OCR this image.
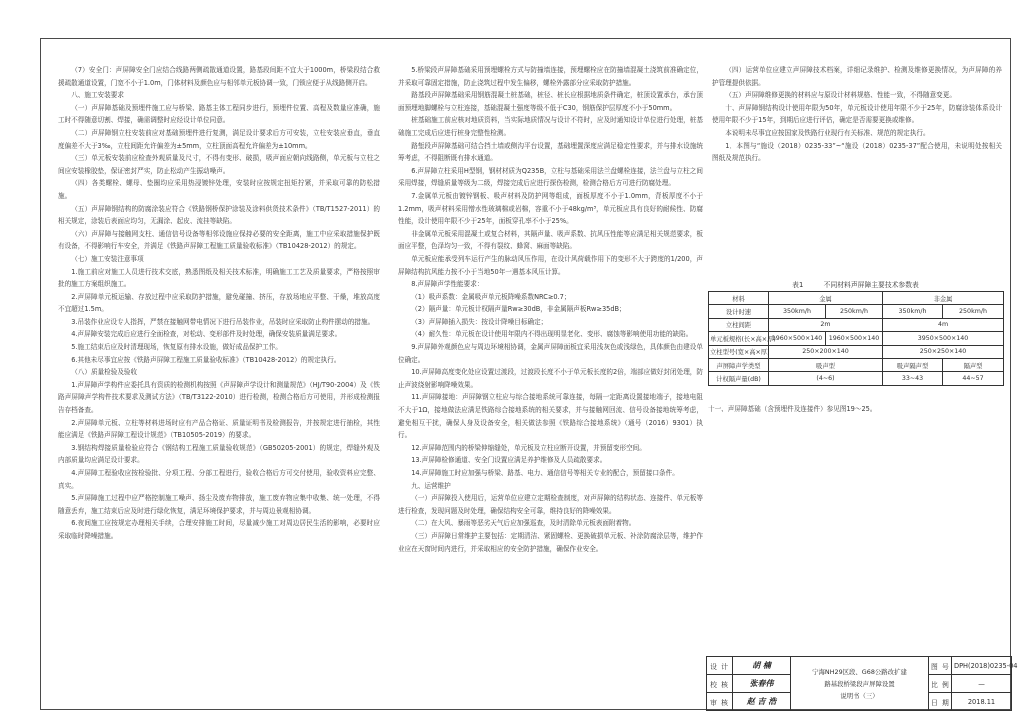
（7）安全门：声屏障安全门应结合线路两侧疏散通道设置，路基段间距不宜大于1000m，桥梁段结合救援疏散通道设置，门宽不小于1.0m，门体材料及颜色应与相邻单元板协调一致，门锁应便于从线路侧开启。

八、施工安装要求

（一）声屏障基础及预埋件施工应与桥梁、路基主体工程同步进行，预埋件位置、高程及数量应准确，施工时不得随意切割、焊接，确需调整时应经设计单位同意。

（二）声屏障钢立柱安装前应对基础预埋件进行复测，满足设计要求后方可安装，立柱安装应垂直，垂直度偏差不大于3‰，立柱间距允许偏差为±5mm，立柱顶面高程允许偏差为±10mm。

（三）单元板安装前应检查外观质量及尺寸，不得有变形、破损，吸声面应朝向线路侧，单元板与立柱之间应安装橡胶垫，保证密封严实，防止松动产生振动噪声。

（四）各类螺栓、螺母、垫圈均应采用热浸镀锌处理，安装时应按规定扭矩拧紧，并采取可靠的防松措施。

（五）声屏障钢结构的防腐涂装应符合《铁路钢桥保护涂装及涂料供货技术条件》（TB/T1527-2011）的相关规定，涂装后表面应均匀，无漏涂、起皮、流挂等缺陷。

（六）声屏障与接触网支柱、通信信号设备等相邻设施应保持必要的安全距离，施工中应采取措施保护既有设备，不得影响行车安全，并满足《铁路声屏障工程施工质量验收标准》（TB10428-2012）的规定。

（七）施工安装注意事项

1.施工前应对施工人员进行技术交底，熟悉图纸及相关技术标准，明确施工工艺及质量要求，严格按照审批的施工方案组织施工。

2.声屏障单元板运输、存放过程中应采取防护措施，避免碰撞、挤压，存放场地应平整、干燥，堆放高度不宜超过1.5m。

3.吊装作业应设专人指挥，严禁在接触网带电情况下进行吊装作业，吊装时应采取防止构件摆动的措施。

4.声屏障安装完成后应进行全面检查，对松动、变形部件及时处理，确保安装质量满足要求。

5.施工结束后应及时清理现场，恢复原有排水设施，做好成品保护工作。

6.其他未尽事宜应按《铁路声屏障工程施工质量验收标准》（TB10428-2012）的规定执行。

（八）质量检验及验收

1.声屏障声学构件应委托具有资质的检测机构按照《声屏障声学设计和测量规范》（HJ/T90-2004）及《铁路声屏障声学构件技术要求及测试方法》（TB/T3122-2010）进行检测，检测合格后方可使用，并形成检测报告存档备查。

2.声屏障单元板、立柱等材料进场时应有产品合格证、质量证明书及检测报告，并按规定进行抽检，其性能应满足《铁路声屏障工程设计规范》（TB10505-2019）的要求。

3.钢结构焊接质量检验应符合《钢结构工程施工质量验收规范》（GB50205-2001）的规定，焊缝外观及内部质量均应满足设计要求。

4.声屏障工程验收应按检验批、分项工程、分部工程进行，验收合格后方可交付使用，验收资料应完整、真实。

5.声屏障施工过程中应严格控制施工噪声、扬尘及废弃物排放，施工废弃物应集中收集、统一处理，不得随意丢弃，施工结束后应及时进行绿化恢复，满足环境保护要求，并与周边景观相协调。

6.夜间施工应按规定办理相关手续，合理安排施工时间，尽量减少施工对周边居民生活的影响，必要时应采取临时降噪措施。

5.桥梁段声屏障基础采用预埋螺栓方式与防撞墙连接，预埋螺栓应在防撞墙混凝土浇筑前准确定位，并采取可靠固定措施，防止浇筑过程中发生偏移，螺栓外露部分应采取防护措施。

路基段声屏障基础采用钢筋混凝土桩基础，桩径、桩长应根据地质条件确定，桩顶设置承台，承台顶面预埋地脚螺栓与立柱连接，基础混凝土强度等级不低于C30，钢筋保护层厚度不小于50mm。

桩基础施工前应核对地质资料，当实际地质情况与设计不符时，应及时通知设计单位进行处理，桩基础施工完成后应进行桩身完整性检测。

路堑段声屏障基础可结合挡土墙或侧沟平台设置，基础埋置深度应满足稳定性要求，并与排水设施统筹考虑，不得阻断既有排水通道。

6.声屏障立柱采用H型钢，钢材材质为Q235B，立柱与基础采用法兰盘螺栓连接，法兰盘与立柱之间采用焊接，焊缝质量等级为二级，焊接完成后应进行探伤检测，检测合格后方可进行防腐处理。

7.金属单元板由镀锌钢板、吸声材料及防护网等组成，面板厚度不小于1.0mm，背板厚度不小于1.2mm，吸声材料采用憎水性玻璃棉或岩棉，容重不小于48kg/m³，单元板应具有良好的耐候性、防腐性能，设计使用年限不少于25年，面板穿孔率不小于25%。

非金属单元板采用混凝土或复合材料，其隔声量、吸声系数、抗风压性能等应满足相关规范要求，板面应平整，色泽均匀一致，不得有裂纹、蜂窝、麻面等缺陷。

单元板应能承受列车运行产生的脉动风压作用，在设计风荷载作用下的变形不大于跨度的1/200，声屏障结构抗风能力按不小于当地50年一遇基本风压计算。

8.声屏障声学性能要求：

（1）吸声系数：金属吸声单元板降噪系数NRC≥0.7；

（2）隔声量：单元板计权隔声量Rw≥30dB，非金属隔声板Rw≥35dB；

（3）声屏障插入损失：按设计降噪目标确定；

（4）耐久性：单元板在设计使用年限内不得出现明显老化、变形、腐蚀等影响使用功能的缺陷。

9.声屏障外观颜色应与周边环境相协调，金属声屏障面板宜采用浅灰色或浅绿色，具体颜色由建设单位确定。

10.声屏障高度变化处应设置过渡段，过渡段长度不小于单元板长度的2倍，端部应做好封闭处理，防止声波绕射影响降噪效果。

11.声屏障接地：声屏障钢立柱应与综合接地系统可靠连接，每隔一定距离设置接地端子，接地电阻不大于1Ω，接地做法应满足铁路综合接地系统的相关要求，并与接触网回流、信号设备接地统筹考虑，避免相互干扰，确保人身及设备安全，相关做法参照《铁路综合接地系统》（通号（2016）9301）执行。

12.声屏障范围内的桥梁伸缩缝处，单元板及立柱应断开设置，并预留变形空间。

13.声屏障检修通道、安全门设置应满足养护维修及人员疏散要求。

14.声屏障施工时应加强与桥梁、路基、电力、通信信号等相关专业的配合，预留接口条件。

九、运营维护

（一）声屏障投入使用后，运营单位应建立定期检查制度，对声屏障的结构状态、连接件、单元板等进行检查，发现问题及时处理，确保结构安全可靠，维持良好的降噪效果。

（二）在大风、暴雨等恶劣天气后应加强巡查，及时清除单元板表面附着物。

（三）声屏障日常维护主要包括：定期清洁、紧固螺栓、更换破损单元板、补涂防腐涂层等，维护作业应在天窗时间内进行，并采取相应的安全防护措施，确保作业安全。

（四）运营单位应建立声屏障技术档案，详细记录维护、检测及维修更换情况，为声屏障的养护管理提供依据。

（五）声屏障维修更换的材料应与原设计材料规格、性能一致，不得随意变更。

十、声屏障钢结构设计使用年限为50年，单元板设计使用年限不少于25年，防腐涂装体系设计使用年限不少于15年，到期后应进行评估，确定是否需要更换或维修。

本说明未尽事宜应按国家及铁路行业现行有关标准、规范的规定执行。

1．本图与“施设（2018）0235-33”~“施设（2018）0235-37”配合使用，未说明处按相关图纸及规范执行。

表1　　　不同材料声屏障主要技术参数表
材料	金属		非金属	
设计时速	350km/h	250km/h	350km/h	250km/h
立柱间距	2m		4m	
单元板规格(长×高×厚)	1960×500×140	1960×500×140	3950×500×140	
立柱型号(宽×高×厚)	250×200×140		250×250×140	
声屏障声学类型	吸声型		吸声隔声型	隔声型
计权隔声量(dB)	(4~6)		33~43	44~57
十一、声屏障基础（含预埋件及连接件）参见图19～25。
设 计	胡 楠	宁海NH29区段、G68公路改扩建
路基段桥梁段声屏障设置
说明书（三）	图 号	DPH(2018)0235-04
校 核	张春伟		比 例	—
审 核	赵 吉 浩		日 期	2018.11
